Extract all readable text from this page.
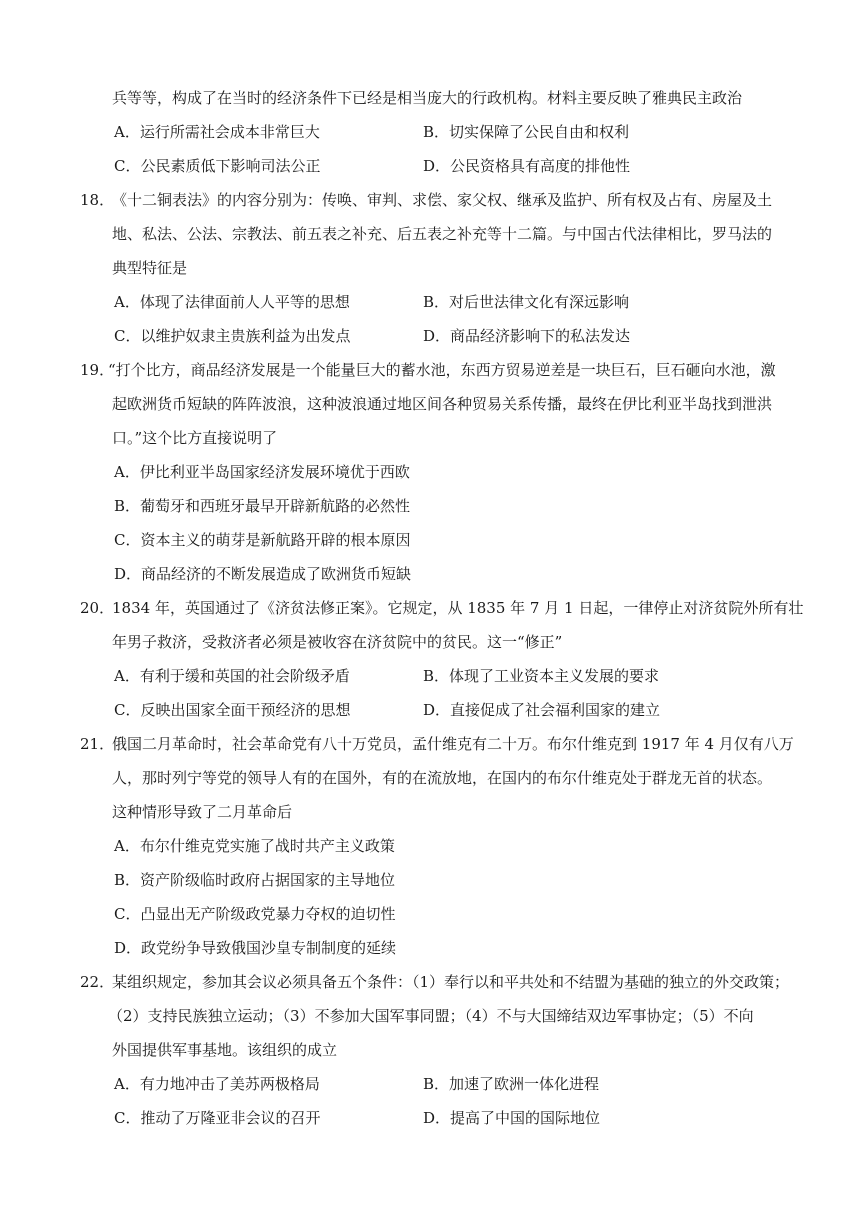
兵等等，构成了在当时的经济条件下已经是相当庞大的行政机构。材料主要反映了雅典民主政治
A．运行所需社会成本非常巨大	B．切实保障了公民自由和权利
C．公民素质低下影响司法公正	D．公民资格具有高度的排他性
18．
《十二铜表法》的内容分别为：传唤、审判、求偿、家父权、继承及监护、所有权及占有、房屋及土
地、私法、公法、宗教法、前五表之补充、后五表之补充等十二篇。与中国古代法律相比，罗马法的
典型特征是
A．体现了法律面前人人平等的思想	B．对后世法律文化有深远影响
C．以维护奴隶主贵族利益为出发点	D．商品经济影响下的私法发达
19．
“打个比方，商品经济发展是一个能量巨大的蓄水池，东西方贸易逆差是一块巨石，巨石砸向水池，激
起欧洲货币短缺的阵阵波浪，这种波浪通过地区间各种贸易关系传播，最终在伊比利亚半岛找到泄洪
口。”这个比方直接说明了
A．伊比利亚半岛国家经济发展环境优于西欧
B．葡萄牙和西班牙最早开辟新航路的必然性
C．资本主义的萌芽是新航路开辟的根本原因
D．商品经济的不断发展造成了欧洲货币短缺
20．
1834 年，英国通过了《济贫法修正案》。它规定，从 1835 年 7 月 1 日起，一律停止对济贫院外所有壮
年男子救济，受救济者必须是被收容在济贫院中的贫民。这一“修正”
A．有利于缓和英国的社会阶级矛盾	B．体现了工业资本主义发展的要求
C．反映出国家全面干预经济的思想	D．直接促成了社会福利国家的建立
21．
俄国二月革命时，社会革命党有八十万党员，孟什维克有二十万。布尔什维克到 1917 年 4 月仅有八万
人，那时列宁等党的领导人有的在国外，有的在流放地，在国内的布尔什维克处于群龙无首的状态。
这种情形导致了二月革命后
A．布尔什维克党实施了战时共产主义政策
B．资产阶级临时政府占据国家的主导地位
C．凸显出无产阶级政党暴力夺权的迫切性
D．政党纷争导致俄国沙皇专制制度的延续
22．
某组织规定，参加其会议必须具备五个条件：（1）奉行以和平共处和不结盟为基础的独立的外交政策；
（2）支持民族独立运动；（3）不参加大国军事同盟；（4）不与大国缔结双边军事协定；（5）不向
外国提供军事基地。该组织的成立
A．有力地冲击了美苏两极格局	B．加速了欧洲一体化进程
C．推动了万隆亚非会议的召开	D．提高了中国的国际地位
